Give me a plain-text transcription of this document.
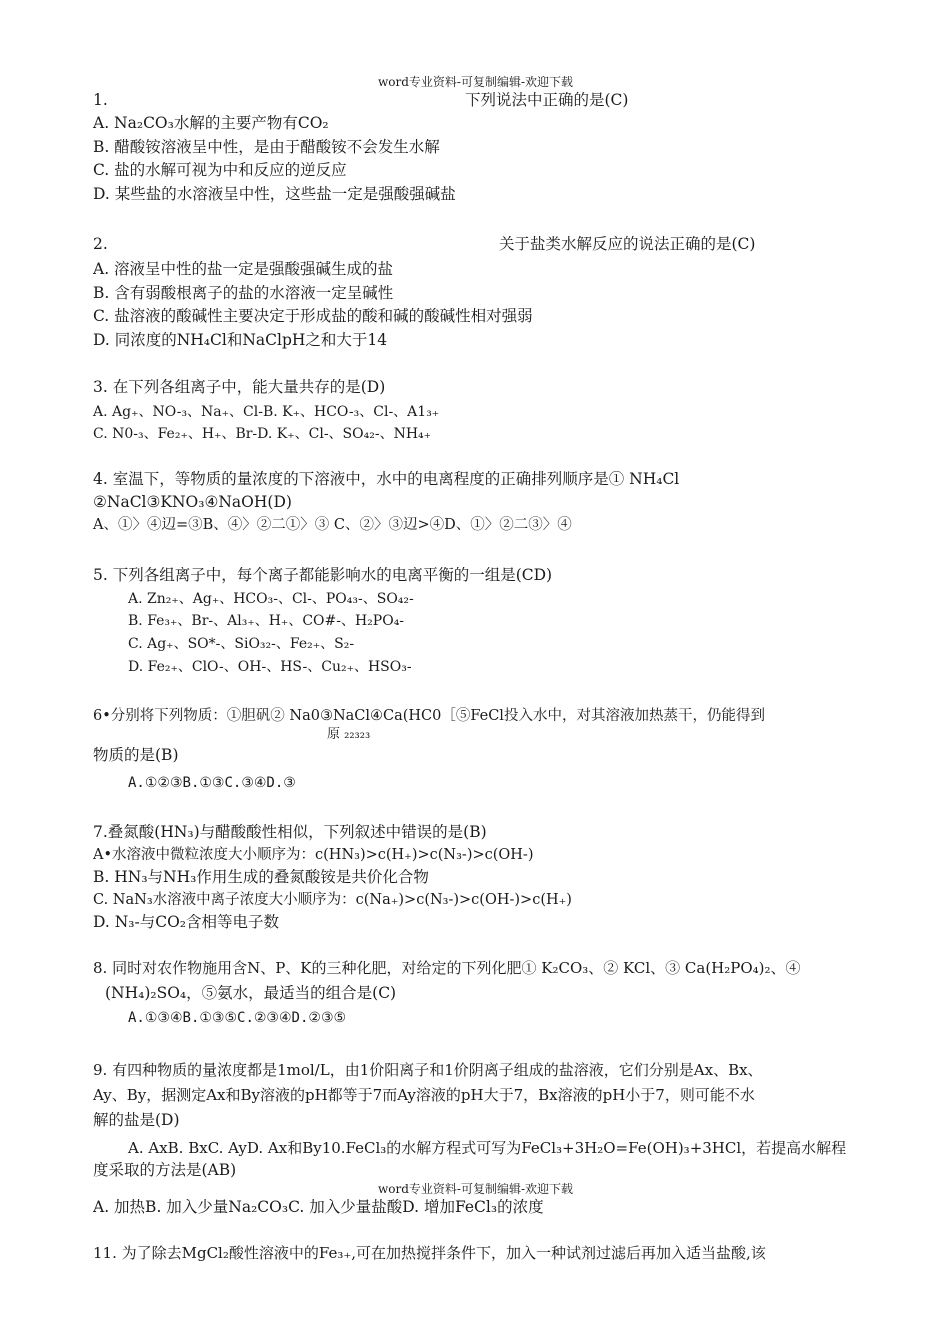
word专业资料-可复制编辑-欢迎下载
1.	下列说法中正确的是(C)
A. Na₂CO₃水解的主要产物有CO₂
B. 醋酸铵溶液呈中性，是由于醋酸铵不会发生水解
C. 盐的水解可视为中和反应的逆反应
D. 某些盐的水溶液呈中性，这些盐一定是强酸强碱盐
2.	关于盐类水解反应的说法正确的是(C)
A. 溶液呈中性的盐一定是强酸强碱生成的盐
B. 含有弱酸根离子的盐的水溶液一定呈碱性
C. 盐溶液的酸碱性主要决定于形成盐的酸和碱的酸碱性相对强弱
D. 同浓度的NH₄Cl和NaClpH之和大于14
3. 在下列各组离子中，能大量共存的是(D)
A. Ag₊、NO-₃、Na₊、Cl-B. K₊、HCO-₃、Cl-、A1₃₊
C. N0-₃、Fe₂₊、H₊、Br-D. K₊、Cl-、SO₄₂-、NH₄₊
4. 室温下，等物质的量浓度的下溶液中，水中的电离程度的正确排列顺序是① NH₄Cl
②NaCl③KNO₃④NaOH(D)
A、①〉④辺=③B、④〉②二①〉③ C、②〉③辺>④D、①〉②二③〉④
5. 下列各组离子中，每个离子都能影响水的电离平衡的一组是(CD)
A. Zn₂₊、Ag₊、HCO₃-、Cl-、PO₄₃-、SO₄₂-
B. Fe₃₊、Br-、Al₃₊、H₊、CO#-、H₂PO₄-
C. Ag₊、SO*-、SiO₃₂-、Fe₂₊、S₂-
D. Fe₂₊、ClO-、OH-、HS-、Cu₂₊、HSO₃-
6•分别将下列物质：①胆矾② Na0③NaCl④Ca(HC0［⑤FeCl投入水中，对其溶液加热蒸干，仍能得到
原 ₂₂₃₂₃
物质的是(B)
A.①②③B.①③C.③④D.③
7.叠氮酸(HN₃)与醋酸酸性相似，下列叙述中错误的是(B)
A•水溶液中微粒浓度大小顺序为：c(HN₃)>c(H₊)>c(N₃-)>c(OH-)
B. HN₃与NH₃作用生成的叠氮酸铵是共价化合物
C. NaN₃水溶液中离子浓度大小顺序为：c(Na₊)>c(N₃-)>c(OH-)>c(H₊)
D. N₃-与CO₂含相等电子数
8. 同时对农作物施用含N、P、K的三种化肥，对给定的下列化肥① K₂CO₃、② KCl、③ Ca(H₂PO₄)₂、④
(NH₄)₂SO₄，⑤氨水，最适当的组合是(C)
A.①③④B.①③⑤C.②③④D.②③⑤
9. 有四种物质的量浓度都是1mol/L，由1价阳离子和1价阴离子组成的盐溶液，它们分别是Ax、Bx、
Ay、By，据测定Ax和By溶液的pH都等于7而Ay溶液的pH大于7，Bx溶液的pH小于7，则可能不水
解的盐是(D)
A. AxB. BxC. AyD. Ax和By10.FeCl₃的水解方程式可写为FeCl₃+3H₂O=Fe(OH)₃+3HCl，若提高水解程
度采取的方法是(AB)
word专业资料-可复制编辑-欢迎下载
A. 加热B. 加入少量Na₂CO₃C. 加入少量盐酸D. 增加FeCl₃的浓度
11. 为了除去MgCl₂酸性溶液中的Fe₃₊,可在加热搅拌条件下，加入一种试剂过滤后再加入适当盐酸,该
